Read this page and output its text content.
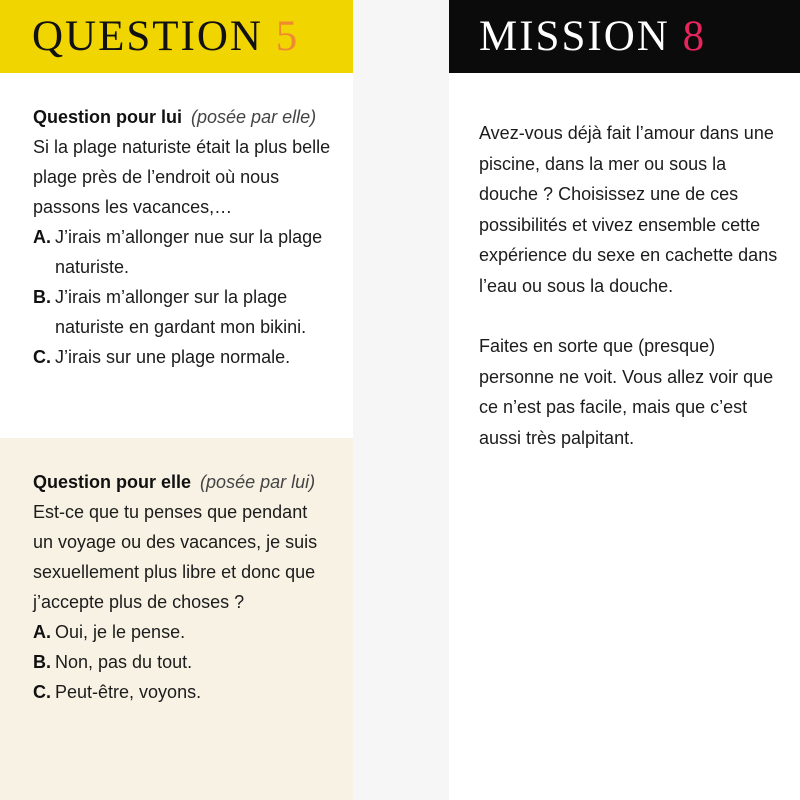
QUESTION 5
Question pour lui (posée par elle)
Si la plage naturiste était la plus belle plage près de l’endroit où nous passons les vacances,…
A. J’irais m’allonger nue sur la plage naturiste.
B. J’irais m’allonger sur la plage naturiste en gardant mon bikini.
C. J’irais sur une plage normale.
Question pour elle (posée par lui)
Est-ce que tu penses que pendant un voyage ou des vacances, je suis sexuellement plus libre et donc que j’accepte plus de choses ?
A. Oui, je le pense.
B. Non, pas du tout.
C. Peut-être, voyons.
MISSION 8

Avez-vous déjà fait l’amour dans une piscine, dans la mer ou sous la douche ? Choisissez une de ces possibilités et vivez ensemble cette expérience du sexe en cachette dans l’eau ou sous la douche.

Faites en sorte que (presque) personne ne voit. Vous allez voir que ce n’est pas facile, mais que c’est aussi très palpitant.
